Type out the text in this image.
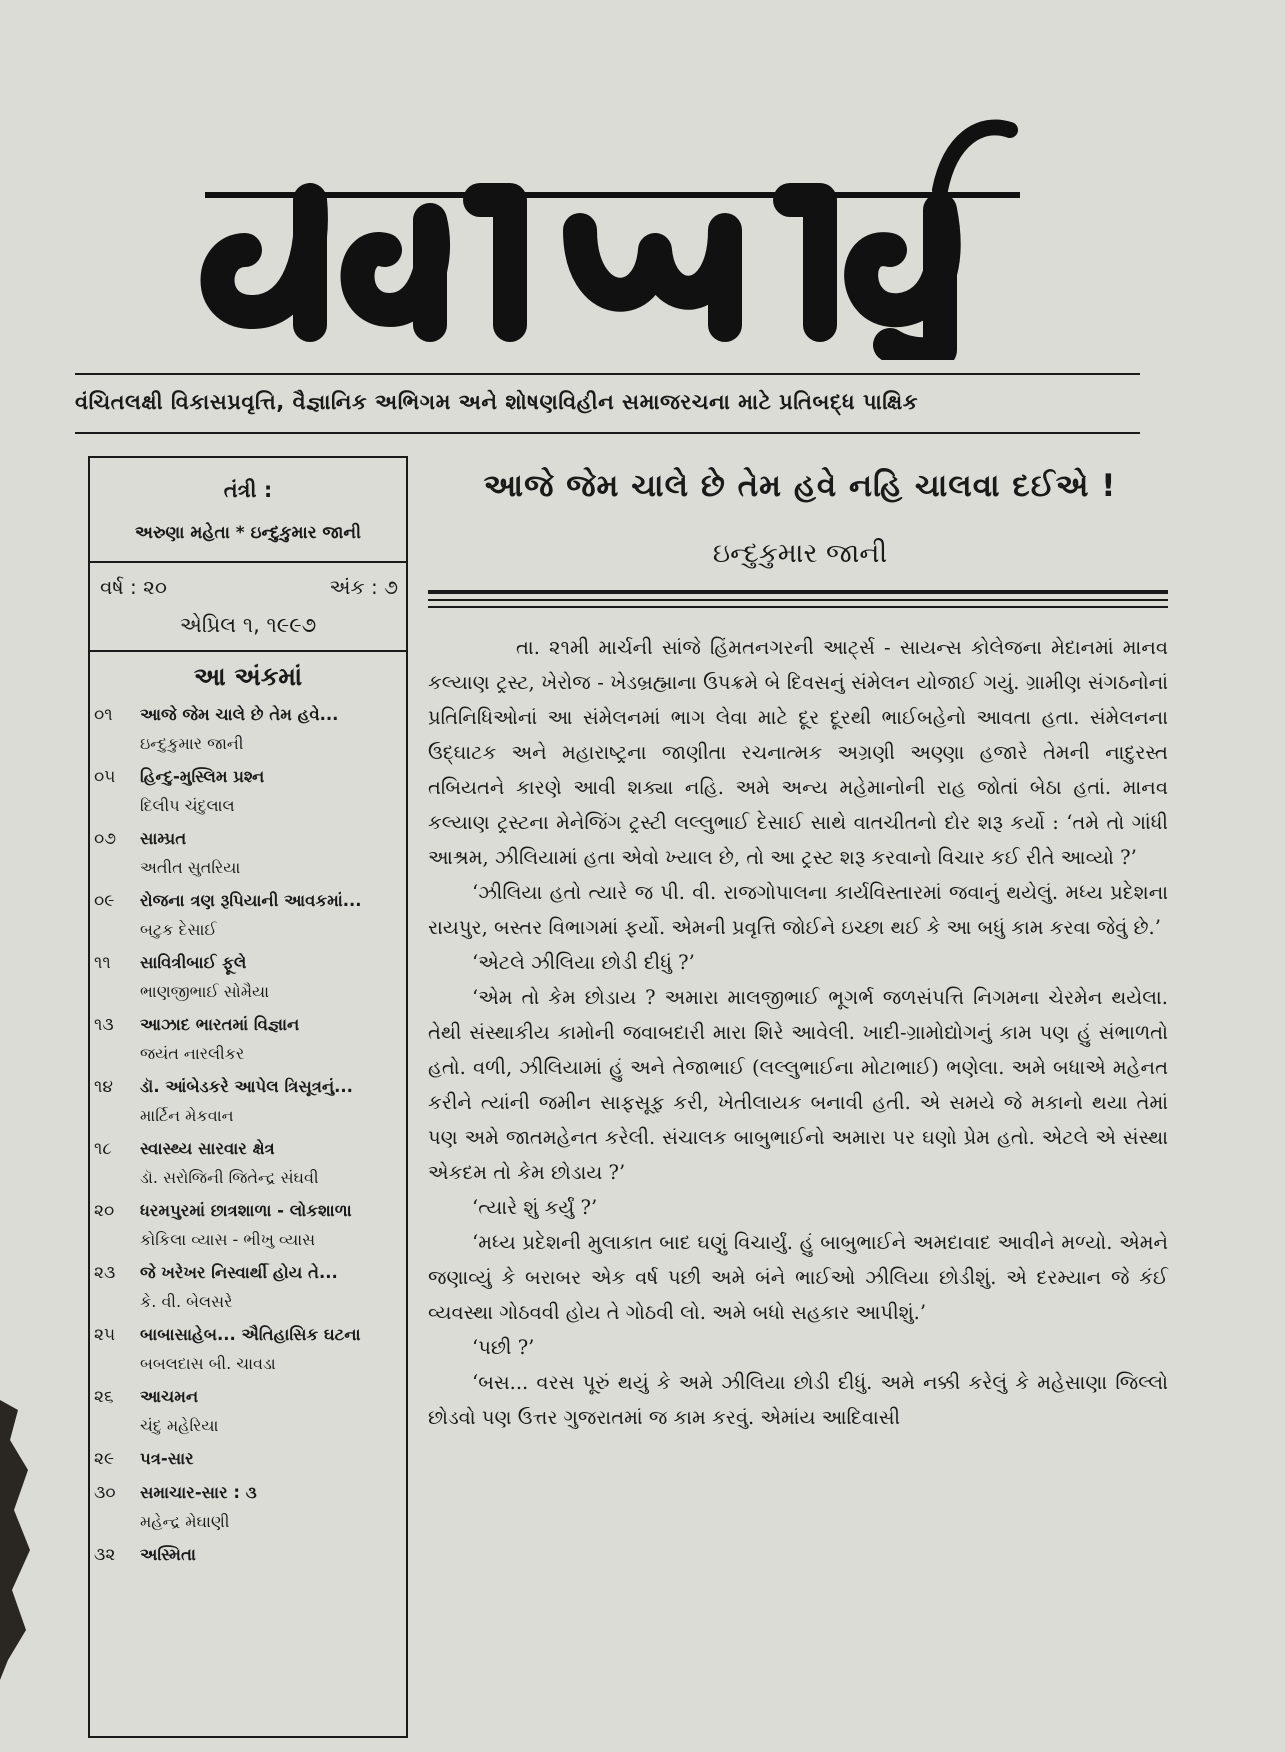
વંચિતલક્ષી વિકાસપ્રવૃત્તિ, વૈજ્ઞાનિક અભિગમ અને શોષણવિહીન સમાજરચના માટે પ્રતિબદ્ધ પાક્ષિક
તંત્રી :
અરુણા મહેતા * ઇન્દુકુમાર જાની
વર્ષ : ૨૦	અંક : ૭
એપ્રિલ ૧, ૧૯૯૭
આ અંકમાં
૦૧	આજે જેમ ચાલે છે તેમ હવે...
ઇન્દુકુમાર જાની
૦૫	હિન્દુ-મુસ્લિમ પ્રશ્ન
દિલીપ ચંદુલાલ
૦૭	સામ્પ્રત
અતીત સુતરિયા
૦૯	રોજના ત્રણ રૂપિયાની આવકમાં...
બટુક દેસાઈ
૧૧	સાવિત્રીબાઈ ફૂલે
ભાણજીભાઈ સોમૈયા
૧૩	આઝાદ ભારતમાં વિજ્ઞાન
જયંત નારલીકર
૧૪	ડૉ. આંબેડકરે આપેલ ત્રિસૂત્રનું...
માર્ટિન મેકવાન
૧૮	સ્વાસ્થ્ય સારવાર ક્ષેત્ર
ડૉ. સરોજિની જિતેન્દ્ર સંઘવી
૨૦	ધરમપુરમાં છાત્રશાળા - લોકશાળા
કોકિલા વ્યાસ - ભીખુ વ્યાસ
૨૩	જે ખરેખર નિસ્વાર્થી હોય તે...
કે. વી. બેલસરે
૨૫	બાબાસાહેબ... ઐતિહાસિક ઘટના
બબલદાસ બી. ચાવડા
૨૬	આચમન
ચંદુ મહેરિયા
૨૯	પત્ર-સાર
૩૦	સમાચાર-સાર : ૩
મહેન્દ્ર મેઘાણી
૩૨	અસ્મિતા
આજે જેમ ચાલે છે તેમ હવે નહિ ચાલવા દઈએ !
ઇન્દુકુમાર જાની

તા. ૨૧મી માર્ચની સાંજે હિંમતનગરની આર્ટ્સ - સાયન્સ કોલેજના મેદાનમાં માનવ કલ્યાણ ટ્રસ્ટ, ખેરોજ - ખેડબ્રહ્માના ઉપક્રમે બે દિવસનું સંમેલન યોજાઈ ગયું. ગ્રામીણ સંગઠનોનાં પ્રતિનિધિઓનાં આ સંમેલનમાં ભાગ લેવા માટે દૂર દૂરથી ભાઈબહેનો આવતા હતા. સંમેલનના ઉદ્ઘાટક અને મહારાષ્ટ્રના જાણીતા રચનાત્મક અગ્રણી અણ્ણા હજારે તેમની નાદુરસ્ત તબિયતને કારણે આવી શક્યા નહિ. અમે અન્ય મહેમાનોની રાહ જોતાં બેઠા હતાં. માનવ કલ્યાણ ટ્રસ્ટના મેનેજિંગ ટ્રસ્ટી લલ્લુભાઈ દેસાઈ સાથે વાતચીતનો દોર શરૂ કર્યો : ‘તમે તો ગાંધી આશ્રમ, ઝીલિયામાં હતા એવો ખ્યાલ છે, તો આ ટ્રસ્ટ શરૂ કરવાનો વિચાર કઈ રીતે આવ્યો ?’

‘ઝીલિયા હતો ત્યારે જ પી. વી. રાજગોપાલના કાર્યવિસ્તારમાં જવાનું થયેલું. મધ્ય પ્રદેશના રાયપુર, બસ્તર વિભાગમાં ફર્યો. એમની પ્રવૃત્તિ જોઈને ઇચ્છા થઈ કે આ બધું કામ કરવા જેવું છે.’

‘એટલે ઝીલિયા છોડી દીધું ?’

‘એમ તો કેમ છોડાય ? અમારા માલજીભાઈ ભૂગર્ભ જળસંપત્તિ નિગમના ચેરમેન થયેલા. તેથી સંસ્થાકીય કામોની જવાબદારી મારા શિરે આવેલી. ખાદી-ગ્રામોદ્યોગનું કામ પણ હું સંભાળતો હતો. વળી, ઝીલિયામાં હું અને તેજાભાઈ (લલ્લુભાઈના મોટાભાઈ) ભણેલા. અમે બધાએ મહેનત કરીને ત્યાંની જમીન સાફસૂફ કરી, ખેતીલાયક બનાવી હતી. એ સમયે જે મકાનો થયા તેમાં પણ અમે જાતમહેનત કરેલી. સંચાલક બાબુભાઈનો અમારા પર ઘણો પ્રેમ હતો. એટલે એ સંસ્થા એકદમ તો કેમ છોડાય ?’

‘ત્યારે શું કર્યું ?’

‘મધ્ય પ્રદેશની મુલાકાત બાદ ઘણું વિચાર્યું. હું બાબુભાઈને અમદાવાદ આવીને મળ્યો. એમને જણાવ્યું કે બરાબર એક વર્ષ પછી અમે બંને ભાઈઓ ઝીલિયા છોડીશું. એ દરમ્યાન જે કંઈ વ્યવસ્થા ગોઠવવી હોય તે ગોઠવી લો. અમે બધો સહકાર આપીશું.’

‘પછી ?’

‘બસ... વરસ પૂરું થયું કે અમે ઝીલિયા છોડી દીધું. અમે નક્કી કરેલું કે મહેસાણા જિલ્લો છોડવો પણ ઉત્તર ગુજરાતમાં જ કામ કરવું. એમાંય આદિવાસી
